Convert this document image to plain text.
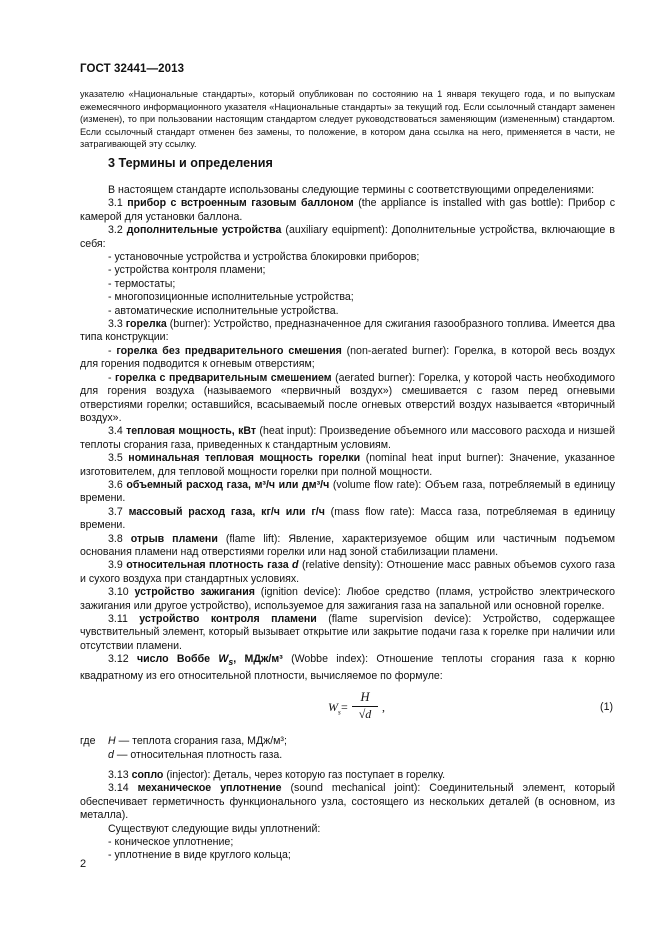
ГОСТ 32441—2013
указателю «Национальные стандарты», который опубликован по состоянию на 1 января текущего года, и по выпускам ежемесячного информационного указателя «Национальные стандарты» за текущий год. Если ссылочный стандарт заменен (изменен), то при пользовании настоящим стандартом следует руководствоваться заменяющим (измененным) стандартом. Если ссылочный стандарт отменен без замены, то положение, в котором дана ссылка на него, применяется в части, не затрагивающей эту ссылку.
3 Термины и определения

В настоящем стандарте использованы следующие термины с соответствующими определениями:

3.1 прибор с встроенным газовым баллоном (the appliance is installed with gas bottle): Прибор с камерой для установки баллона.

3.2 дополнительные устройства (auxiliary equipment): Дополнительные устройства, включающие в себя:

- установочные устройства и устройства блокировки приборов;

- устройства контроля пламени;

- термостаты;

- многопозиционные исполнительные устройства;

- автоматические исполнительные устройства.

3.3 горелка (burner): Устройство, предназначенное для сжигания газообразного топлива. Имеется два типа конструкции:

- горелка без предварительного смешения (non-aerated burner): Горелка, в которой весь воздух для горения подводится к огневым отверстиям;

- горелка с предварительным смешением (aerated burner): Горелка, у которой часть необходимого для горения воздуха (называемого «первичный воздух») смешивается с газом перед огневыми отверстиями горелки; оставшийся, всасываемый после огневых отверстий воздух называется «вторичный воздух».

3.4 тепловая мощность, кВт (heat input): Произведение объемного или массового расхода и низшей теплоты сгорания газа, приведенных к стандартным условиям.

3.5 номинальная тепловая мощность горелки (nominal heat input burner): Значение, указанное изготовителем, для тепловой мощности горелки при полной мощности.

3.6 объемный расход газа, м³/ч или дм³/ч (volume flow rate): Объем газа, потребляемый в единицу времени.

3.7 массовый расход газа, кг/ч или г/ч (mass flow rate): Масса газа, потребляемая в единицу времени.

3.8 отрыв пламени (flame lift): Явление, характеризуемое общим или частичным подъемом основания пламени над отверстиями горелки или над зоной стабилизации пламени.

3.9 относительная плотность газа d (relative density): Отношение масс равных объемов сухого газа и сухого воздуха при стандартных условиях.

3.10 устройство зажигания (ignition device): Любое средство (пламя, устройство электрического зажигания или другое устройство), используемое для зажигания газа на запальной или основной горелке.

3.11 устройство контроля пламени (flame supervision device): Устройство, содержащее чувствительный элемент, который вызывает открытие или закрытие подачи газа к горелке при наличии или отсутствии пламени.

3.12 число Воббе $W_s$, МДж/м³ (Wobbe index): Отношение теплоты сгорания газа к корню квадратному из его относительной плотности, вычисляемое по формуле:

$W_s = \frac{H}{√d}$ ,	(1)
где Н — теплота сгорания газа, МДж/м³;
d — относительная плотность газа.

3.13 сопло (injector): Деталь, через которую газ поступает в горелку.

3.14 механическое уплотнение (sound mechanical joint): Соединительный элемент, который обеспечивает герметичность функционального узла, состоящего из нескольких деталей (в основном, из металла).

Существуют следующие виды уплотнений:

- коническое уплотнение;

- уплотнение в виде круглого кольца;

2
